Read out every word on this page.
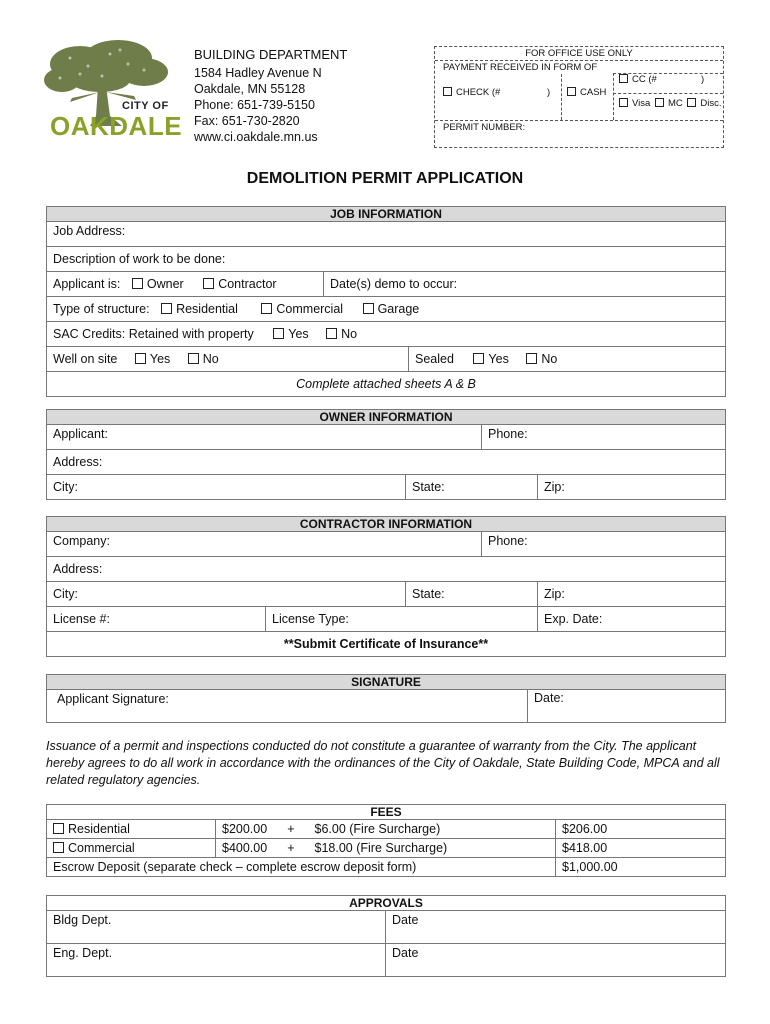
CITY OF
OAKDALE
BUILDING DEPARTMENT
1584 Hadley Avenue N
Oakdale, MN 55128
Phone: 651-739-5150
Fax: 651-730-2820
www.ci.oakdale.mn.us
FOR OFFICE USE ONLY
PAYMENT RECEIVED IN FORM OF
CHECK (#	)	CASH
CC (#	)
Visa MC Disc.
PERMIT NUMBER:
DEMOLITION PERMIT APPLICATION
JOB INFORMATION
Job Address:
Description of work to be done:
Applicant is: Owner	Contractor	Date(s) demo to occur:
Type of structure: Residential	Commercial	Garage
SAC Credits: Retained with property	Yes	No
Well on site	Yes	No	Sealed	Yes	No
Complete attached sheets A & B
OWNER INFORMATION
Applicant:	Phone:
Address:
City:	State:	Zip:
CONTRACTOR INFORMATION
Company:	Phone:
Address:
City:	State:	Zip:
License #:	License Type:	Exp. Date:
**Submit Certificate of Insurance**
SIGNATURE
Applicant Signature:	Date:
Issuance of a permit and inspections conducted do not constitute a guarantee of warranty from the City. The applicant hereby agrees to do all work in accordance with the ordinances of the City of Oakdale, State Building Code, MPCA and all related regulatory agencies.
FEES
Residential	$200.00 + $6.00 (Fire Surcharge)	$206.00
Commercial	$400.00 + $18.00 (Fire Surcharge)	$418.00
Escrow Deposit (separate check – complete escrow deposit form)	$1,000.00
APPROVALS
Bldg Dept.	Date
Eng. Dept.	Date
